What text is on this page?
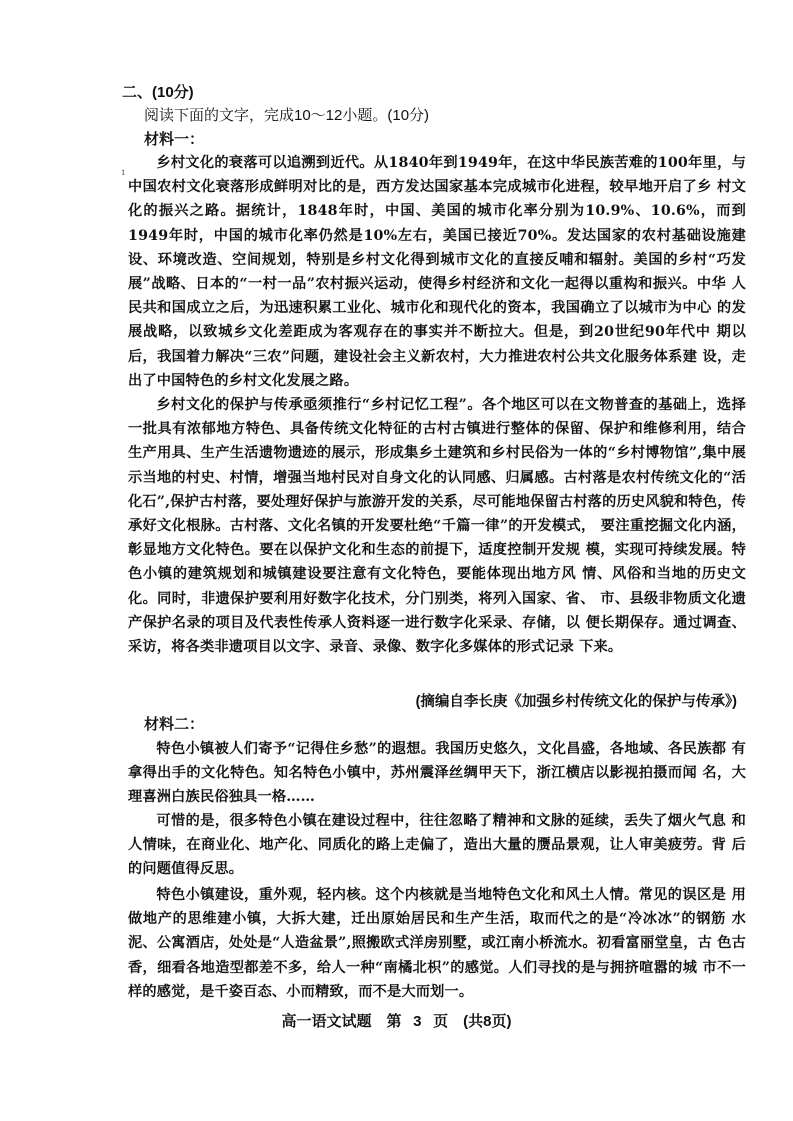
二、(10分)
阅读下面的文字，完成10～12小题。(10分)
材料一：
1
乡村文化的衰落可以追溯到近代。从1840年到1949年，在这中华民族苦难的100年里，与中国农村文化衰落形成鲜明对比的是，西方发达国家基本完成城市化进程，较早地开启了乡 村文化的振兴之路。据统计，1848年时，中国、美国的城市化率分别为10.9%、10.6%，而到 1949年时，中国的城市化率仍然是10%左右，美国已接近70%。发达国家的农村基础设施建 设、环境改造、空间规划，特别是乡村文化得到城市文化的直接反哺和辐射。美国的乡村“巧发 展”战略、日本的“一村一品”农村振兴运动，使得乡村经济和文化一起得以重构和振兴。中华 人民共和国成立之后，为迅速积累工业化、城市化和现代化的资本，我国确立了以城市为中心 的发展战略，以致城乡文化差距成为客观存在的事实并不断拉大。但是，到20世纪90年代中 期以后，我国着力解决“三农”问题，建设社会主义新农村，大力推进农村公共文化服务体系建 设，走出了中国特色的乡村文化发展之路。
乡村文化的保护与传承亟须推行“乡村记忆工程”。各个地区可以在文物普查的基础上，选择一批具有浓郁地方特色、具备传统文化特征的古村古镇进行整体的保留、保护和维修利用，结合生产用具、生产生活遗物遗迹的展示，形成集乡土建筑和乡村民俗为一体的“乡村博物馆”,集中展示当地的村史、村情，增强当地村民对自身文化的认同感、归属感。古村落是农村传统文化的“活化石”,保护古村落，要处理好保护与旅游开发的关系，尽可能地保留古村落的历史风貌和特色，传承好文化根脉。古村落、文化名镇的开发要杜绝“千篇一律”的开发模式， 要注重挖掘文化内涵，彰显地方文化特色。要在以保护文化和生态的前提下，适度控制开发规 模，实现可持续发展。特色小镇的建筑规划和城镇建设要注意有文化特色，要能体现出地方风 情、风俗和当地的历史文化。同时，非遗保护要利用好数字化技术，分门别类，将列入国家、省、 市、县级非物质文化遗产保护名录的项目及代表性传承人资料逐一进行数字化采录、存储，以 便长期保存。通过调查、采访，将各类非遗项目以文字、录音、录像、数字化多媒体的形式记录 下来。
(摘编自李长庚《加强乡村传统文化的保护与传承》)
材料二：
特色小镇被人们寄予“记得住乡愁”的遐想。我国历史悠久，文化昌盛，各地域、各民族都 有拿得出手的文化特色。知名特色小镇中，苏州震泽丝绸甲天下，浙江横店以影视拍摄而闻 名，大理喜洲白族民俗独具一格……
可惜的是，很多特色小镇在建设过程中，往往忽略了精神和文脉的延续，丢失了烟火气息 和人情味，在商业化、地产化、同质化的路上走偏了，造出大量的赝品景观，让人审美疲劳。背 后的问题值得反思。
特色小镇建设，重外观，轻内核。这个内核就是当地特色文化和风土人情。常见的误区是 用做地产的思维建小镇，大拆大建，迁出原始居民和生产生活，取而代之的是“冷冰冰”的钢筋 水泥、公寓酒店，处处是“人造盆景”,照搬欧式洋房别墅，或江南小桥流水。初看富丽堂皇，古 色古香，细看各地造型都差不多，给人一种“南橘北枳”的感觉。人们寻找的是与拥挤喧嚣的城 市不一样的感觉，是千姿百态、小而精致，而不是大而划一。
高一语文试题　第 3 页　(共8页)
